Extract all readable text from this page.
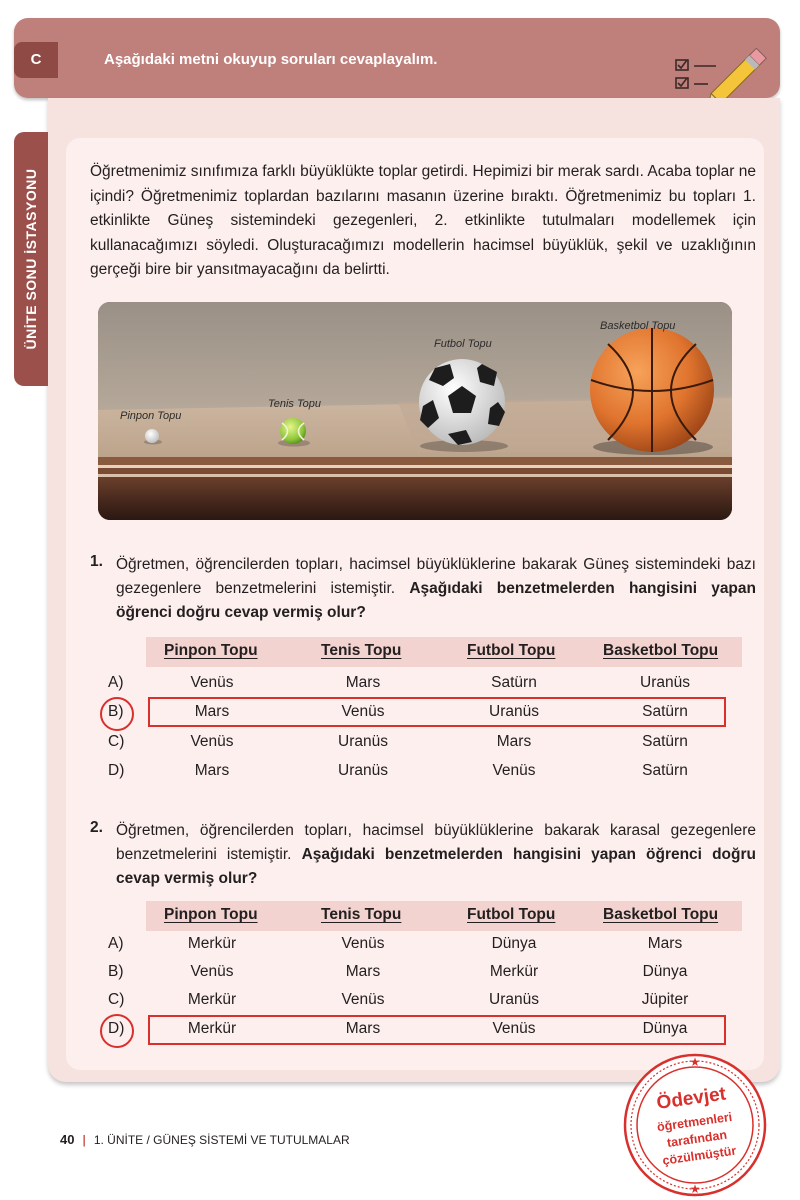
C	Aşağıdaki metni okuyup soruları cevaplayalım.
ÜNİTE SONU İSTASYONU	Öğretmenimiz sınıfımıza farklı büyüklükte toplar getirdi. Hepimizi bir merak sardı. Acaba toplar ne içindi? Öğretmenimiz toplardan bazılarını masanın üzerine bıraktı. Öğretmenimiz bu topları 1. etkinlikte Güneş sistemindeki gezegenleri, 2. etkinlikte tutulmaları modellemek için kullanacağımızı söyledi. Oluşturacağımızı modellerin hacimsel büyüklük, şekil ve uzaklığının gerçeği bire bir yansıtmayacağını da belirtti.
Pinpon Topu
Tenis Topu
Futbol Topu
Basketbol Topu
1. Öğretmen, öğrencilerden topları, hacimsel büyüklüklerine bakarak Güneş sistemindeki bazı gezegenlere benzetmelerini istemiştir. Aşağıdaki benzetmelerden hangisini yapan öğrenci doğru cevap vermiş olur?
Pinpon Topu	Tenis Topu	Futbol Topu	Basketbol Topu
A)	Venüs	Mars	Satürn	Uranüs
B)	Mars	Venüs	Uranüs	Satürn
C)	Venüs	Uranüs	Mars	Satürn
D)	Mars	Uranüs	Venüs	Satürn
2. Öğretmen, öğrencilerden topları, hacimsel büyüklüklerine bakarak karasal gezegenlere benzetmelerini istemiştir. Aşağıdaki benzetmelerden hangisini yapan öğrenci doğru cevap vermiş olur?
Pinpon Topu	Tenis Topu	Futbol Topu	Basketbol Topu
A)	Merkür	Venüs	Dünya	Mars
B)	Venüs	Mars	Merkür	Dünya
C)	Merkür	Venüs	Uranüs	Jüpiter
D)	Merkür	Mars	Venüs	Dünya
★
★
Ödevjet
öğretmenleri
tarafından
çözülmüştür
40 | 1. ÜNİTE / GÜNEŞ SİSTEMİ VE TUTULMALAR
